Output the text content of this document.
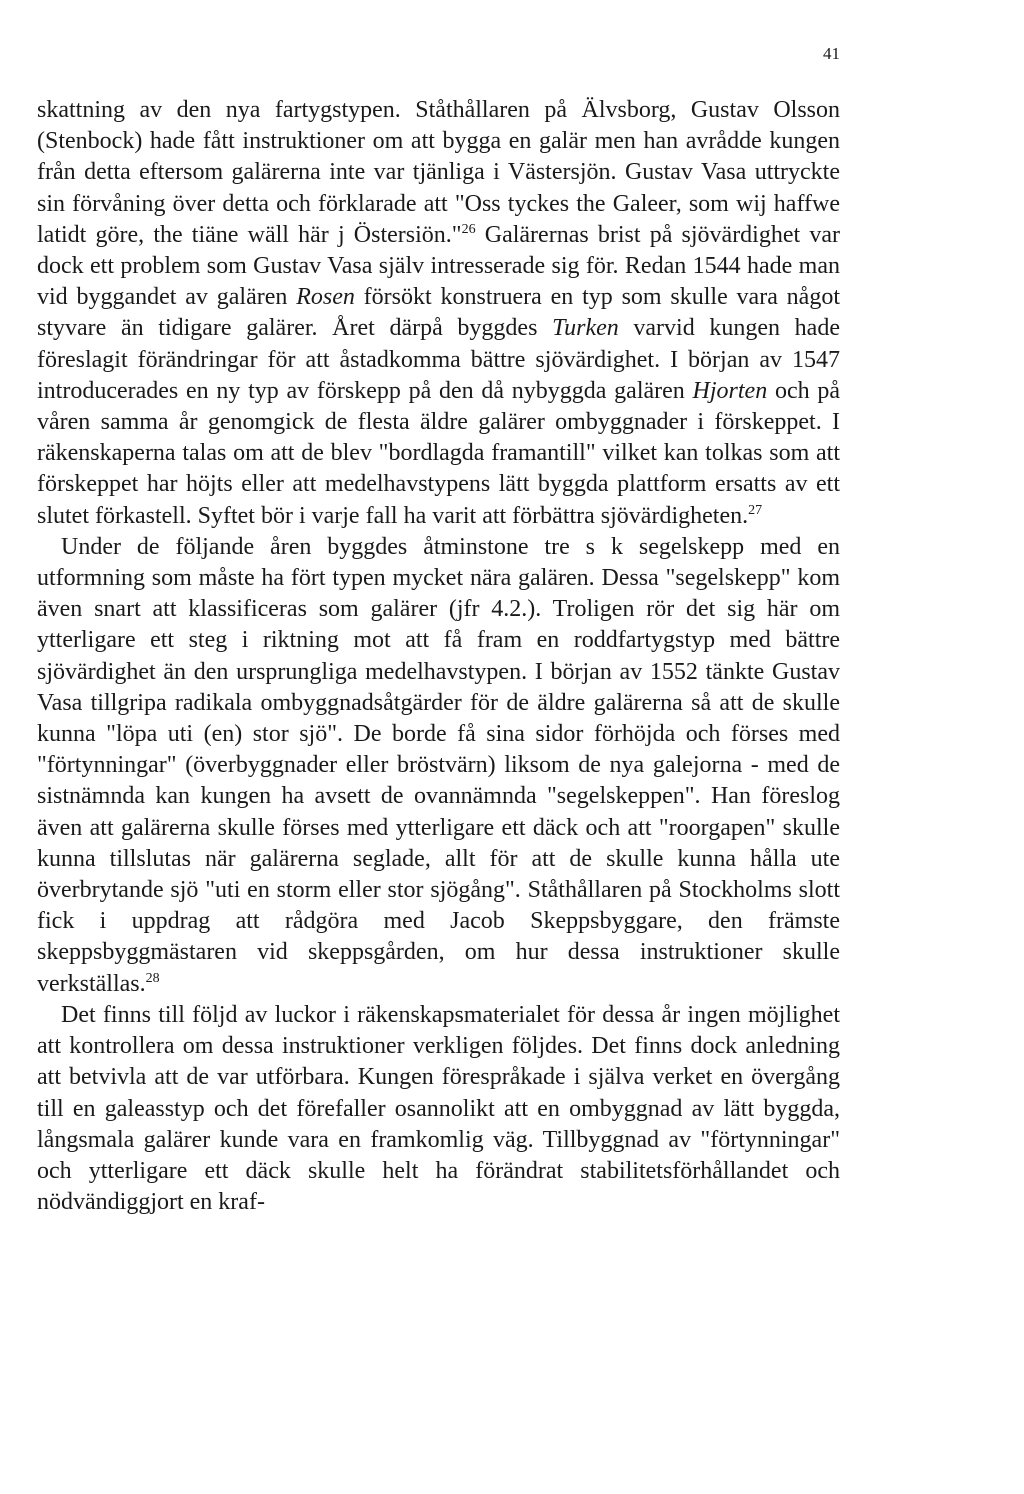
41

skattning av den nya fartygstypen. Ståthållaren på Älvsborg, Gustav Olsson (Stenbock) hade fått instruktioner om att bygga en galär men han avrådde kungen från detta eftersom galärerna inte var tjänliga i Västersjön. Gustav Vasa uttryckte sin förvåning över detta och förklarade att "Oss tyckes the Galeer, som wij haffwe latidt göre, the tiäne wäll här j Östersiön."$^{26}$ Galärernas brist på sjövärdighet var dock ett problem som Gustav Vasa själv intresserade sig för. Redan 1544 hade man vid byggandet av galären Rosen försökt konstruera en typ som skulle vara något styvare än tidigare galärer. Året därpå byggdes Turken varvid kungen hade föreslagit förändringar för att åstadkomma bättre sjövärdighet. I början av 1547 introducerades en ny typ av förskepp på den då nybyggda galären Hjorten och på våren samma år genomgick de flesta äldre galärer ombyggnader i förskeppet. I räkenskaperna talas om att de blev "bordlagda framantill" vilket kan tolkas som att förskeppet har höjts eller att medelhavstypens lätt byggda plattform ersatts av ett slutet förkastell. Syftet bör i varje fall ha varit att förbättra sjövärdigheten.$^{27}$

Under de följande åren byggdes åtminstone tre s k segelskepp med en utformning som måste ha fört typen mycket nära galären. Dessa "segelskepp" kom även snart att klassificeras som galärer (jfr 4.2.). Troligen rör det sig här om ytterligare ett steg i riktning mot att få fram en roddfartygstyp med bättre sjövärdighet än den ursprungliga medelhavstypen. I början av 1552 tänkte Gustav Vasa tillgripa radikala ombyggnadsåtgärder för de äldre galärerna så att de skulle kunna "löpa uti (en) stor sjö". De borde få sina sidor förhöjda och förses med "förtynningar" (överbyggnader eller bröstvärn) liksom de nya galejorna - med de sistnämnda kan kungen ha avsett de ovannämnda "segelskeppen". Han föreslog även att galärerna skulle förses med ytterligare ett däck och att "roorgapen" skulle kunna tillslutas när galärerna seglade, allt för att de skulle kunna hålla ute överbrytande sjö "uti en storm eller stor sjögång". Ståthållaren på Stockholms slott fick i uppdrag att rådgöra med Jacob Skeppsbyggare, den främste skeppsbyggmästaren vid skeppsgården, om hur dessa instruktioner skulle verkställas.$^{28}$

Det finns till följd av luckor i räkenskapsmaterialet för dessa år ingen möjlighet att kontrollera om dessa instruktioner verkligen följdes. Det finns dock anledning att betvivla att de var utförbara. Kungen förespråkade i själva verket en övergång till en galeasstyp och det förefaller osannolikt att en ombyggnad av lätt byggda, långsmala galärer kunde vara en framkomlig väg. Tillbyggnad av "förtynningar" och ytterligare ett däck skulle helt ha förändrat stabilitetsförhållandet och nödvändiggjort en kraf-
